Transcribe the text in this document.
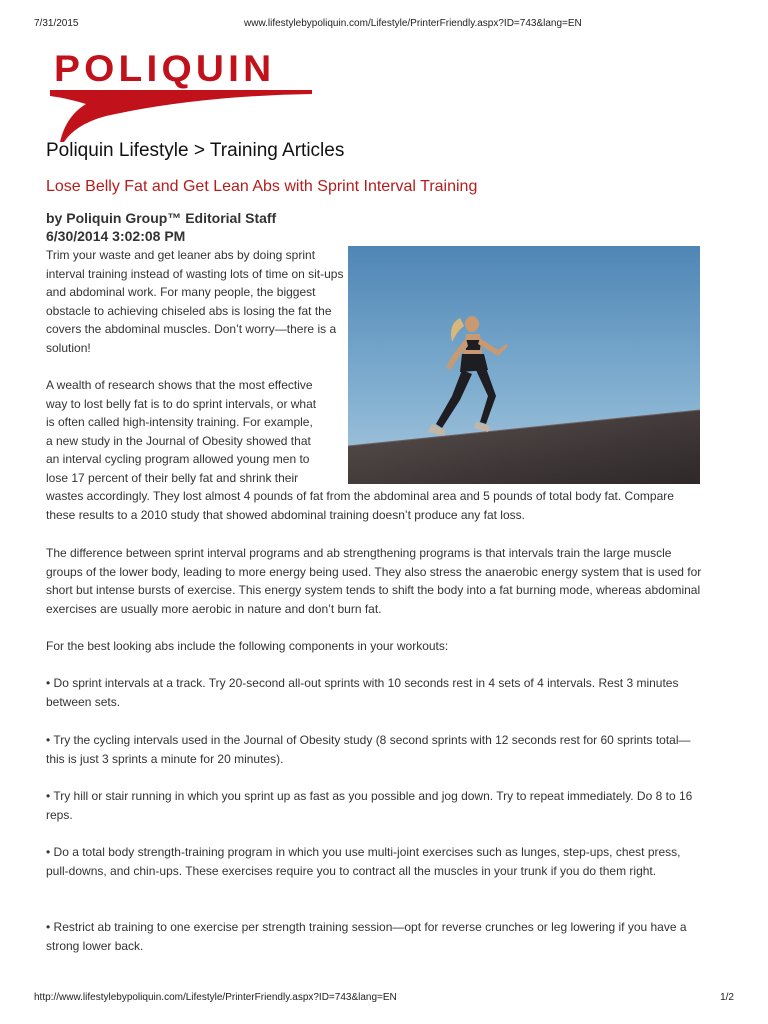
7/31/2015	www.lifestylebypoliquin.com/Lifestyle/PrinterFriendly.aspx?ID=743&lang=EN
POLIQUIN
Poliquin Lifestyle > Training Articles
Lose Belly Fat and Get Lean Abs with Sprint Interval Training
by Poliquin Group™ Editorial Staff
6/30/2014 3:02:08 PM
Trim your waste and get leaner abs by doing sprint interval training instead of wasting lots of time on sit-ups and abdominal work. For many people, the biggest obstacle to achieving chiseled abs is losing the fat the covers the abdominal muscles. Don’t worry—there is a solution!
A wealth of research shows that the most effective
way to lost belly fat is to do sprint intervals, or what
is often called high-intensity training. For example,
a new study in the Journal of Obesity showed that
an interval cycling program allowed young men to
lose 17 percent of their belly fat and shrink their
wastes accordingly. They lost almost 4 pounds of fat from the abdominal area and 5 pounds of total body fat. Compare these results to a 2010 study that showed abdominal training doesn’t produce any fat loss.
The difference between sprint interval programs and ab strengthening programs is that intervals train the large muscle groups of the lower body, leading to more energy being used. They also stress the anaerobic energy system that is used for short but intense bursts of exercise. This energy system tends to shift the body into a fat burning mode, whereas abdominal exercises are usually more aerobic in nature and don’t burn fat.
For the best looking abs include the following components in your workouts:
• Do sprint intervals at a track. Try 20-second all-out sprints with 10 seconds rest in 4 sets of 4 intervals. Rest 3 minutes between sets.
• Try the cycling intervals used in the Journal of Obesity study (8 second sprints with 12 seconds rest for 60 sprints total—this is just 3 sprints a minute for 20 minutes).
• Try hill or stair running in which you sprint up as fast as you possible and jog down. Try to repeat immediately. Do 8 to 16 reps.
• Do a total body strength-training program in which you use multi-joint exercises such as lunges, step-ups, chest press, pull-downs, and chin-ups. These exercises require you to contract all the muscles in your trunk if you do them right.
• Restrict ab training to one exercise per strength training session—opt for reverse crunches or leg lowering if you have a strong lower back.
http://www.lifestylebypoliquin.com/Lifestyle/PrinterFriendly.aspx?ID=743&lang=EN	1/2
